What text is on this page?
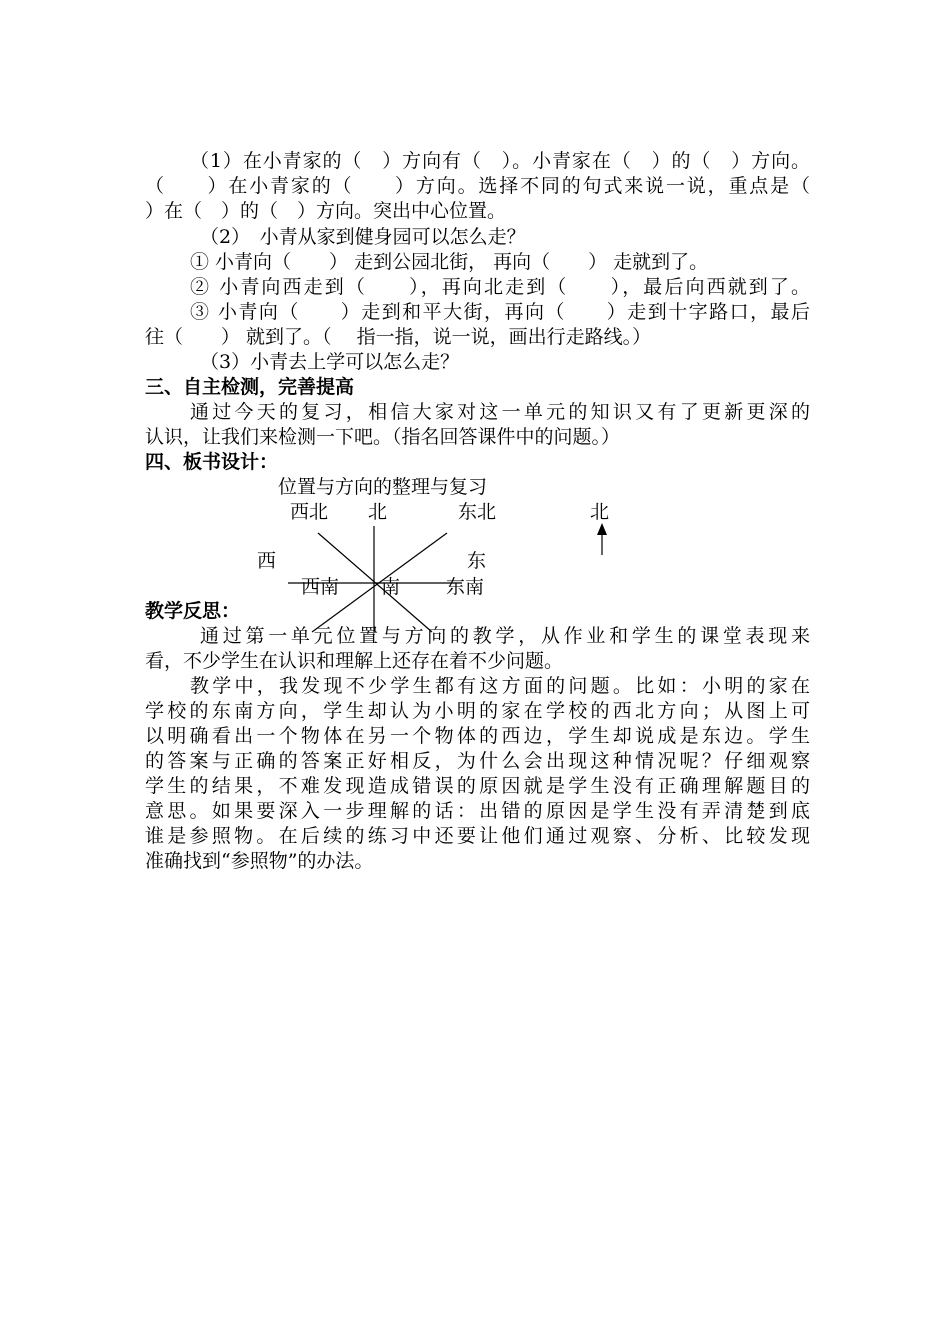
（1）在小青家的（　）方向有（　）。小青家在（　）的（　）方向。
（　　）在小青家的（　　）方向。选择不同的句式来说一说，重点是（
）在（　）的（　）方向。突出中心位置。
（2）　小青从家到健身园可以怎么走？
① 小青向（　　） 走到公园北街， 再向（　　） 走就到了。
② 小青向西走到（　　），再向北走到（　　），最后向西就到了。
③ 小青向（　　）走到和平大街，再向（　　）走到十字路口，最后
往（　　） 就到了。（　 指一指，说一说，画出行走路线。）
（3）小青去上学可以怎么走？
三、自主检测，完善提高
通过今天的复习，相信大家对这一单元的知识又有了更新更深的
认识，让我们来检测一下吧。（指名回答课件中的问题。）
四、板书设计：
位置与方向的整理与复习
西北 北	东北
西	东
西南 南 东南
北
教学反思：
通过第一单元位置与方向的教学，从作业和学生的课堂表现来
看，不少学生在认识和理解上还存在着不少问题。
教学中，我发现不少学生都有这方面的问题。比如：小明的家在
学校的东南方向，学生却认为小明的家在学校的西北方向；从图上可
以明确看出一个物体在另一个物体的西边，学生却说成是东边。学生
的答案与正确的答案正好相反，为什么会出现这种情况呢？仔细观察
学生的结果，不难发现造成错误的原因就是学生没有正确理解题目的
意思。如果要深入一步理解的话：出错的原因是学生没有弄清楚到底
谁是参照物。在后续的练习中还要让他们通过观察、分析、比较发现
准确找到“参照物”的办法。
